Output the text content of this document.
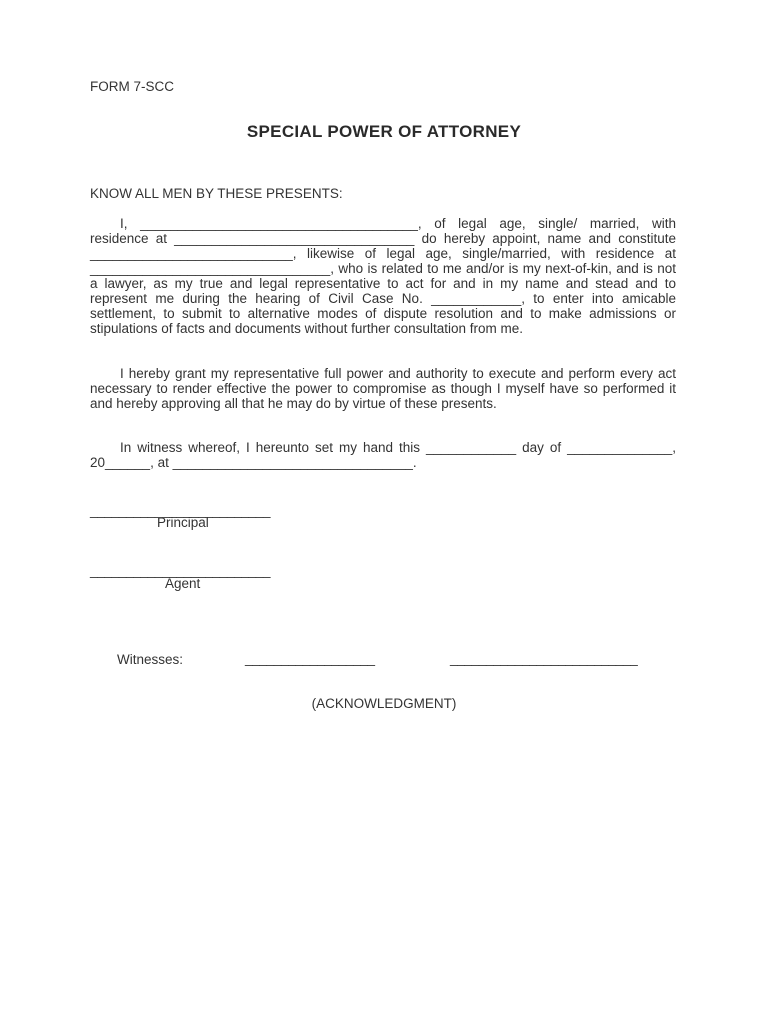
FORM 7-SCC
SPECIAL POWER OF ATTORNEY
KNOW ALL MEN BY THESE PRESENTS:

I, _____________________________________, of legal age, single/ married, with residence at ________________________________ do hereby appoint, name and constitute ___________________________, likewise of legal age, single/married, with residence at ________________________________, who is related to me and/or is my next-of-kin, and is not a lawyer, as my true and legal representative to act for and in my name and stead and to represent me during the hearing of Civil Case No. ____________, to enter into amicable settlement, to submit to alternative modes of dispute resolution and to make admissions or stipulations of facts and documents without further consultation from me.

I hereby grant my representative full power and authority to execute and perform every act necessary to render effective the power to compromise as though I myself have so performed it and hereby approving all that he may do by virtue of these presents.

In witness whereof, I hereunto set my hand this ____________ day of ______________, 20______, at ________________________________.

_________________________
Principal
_________________________
Agent
Witnesses:	__________________	__________________________
(ACKNOWLEDGMENT)
